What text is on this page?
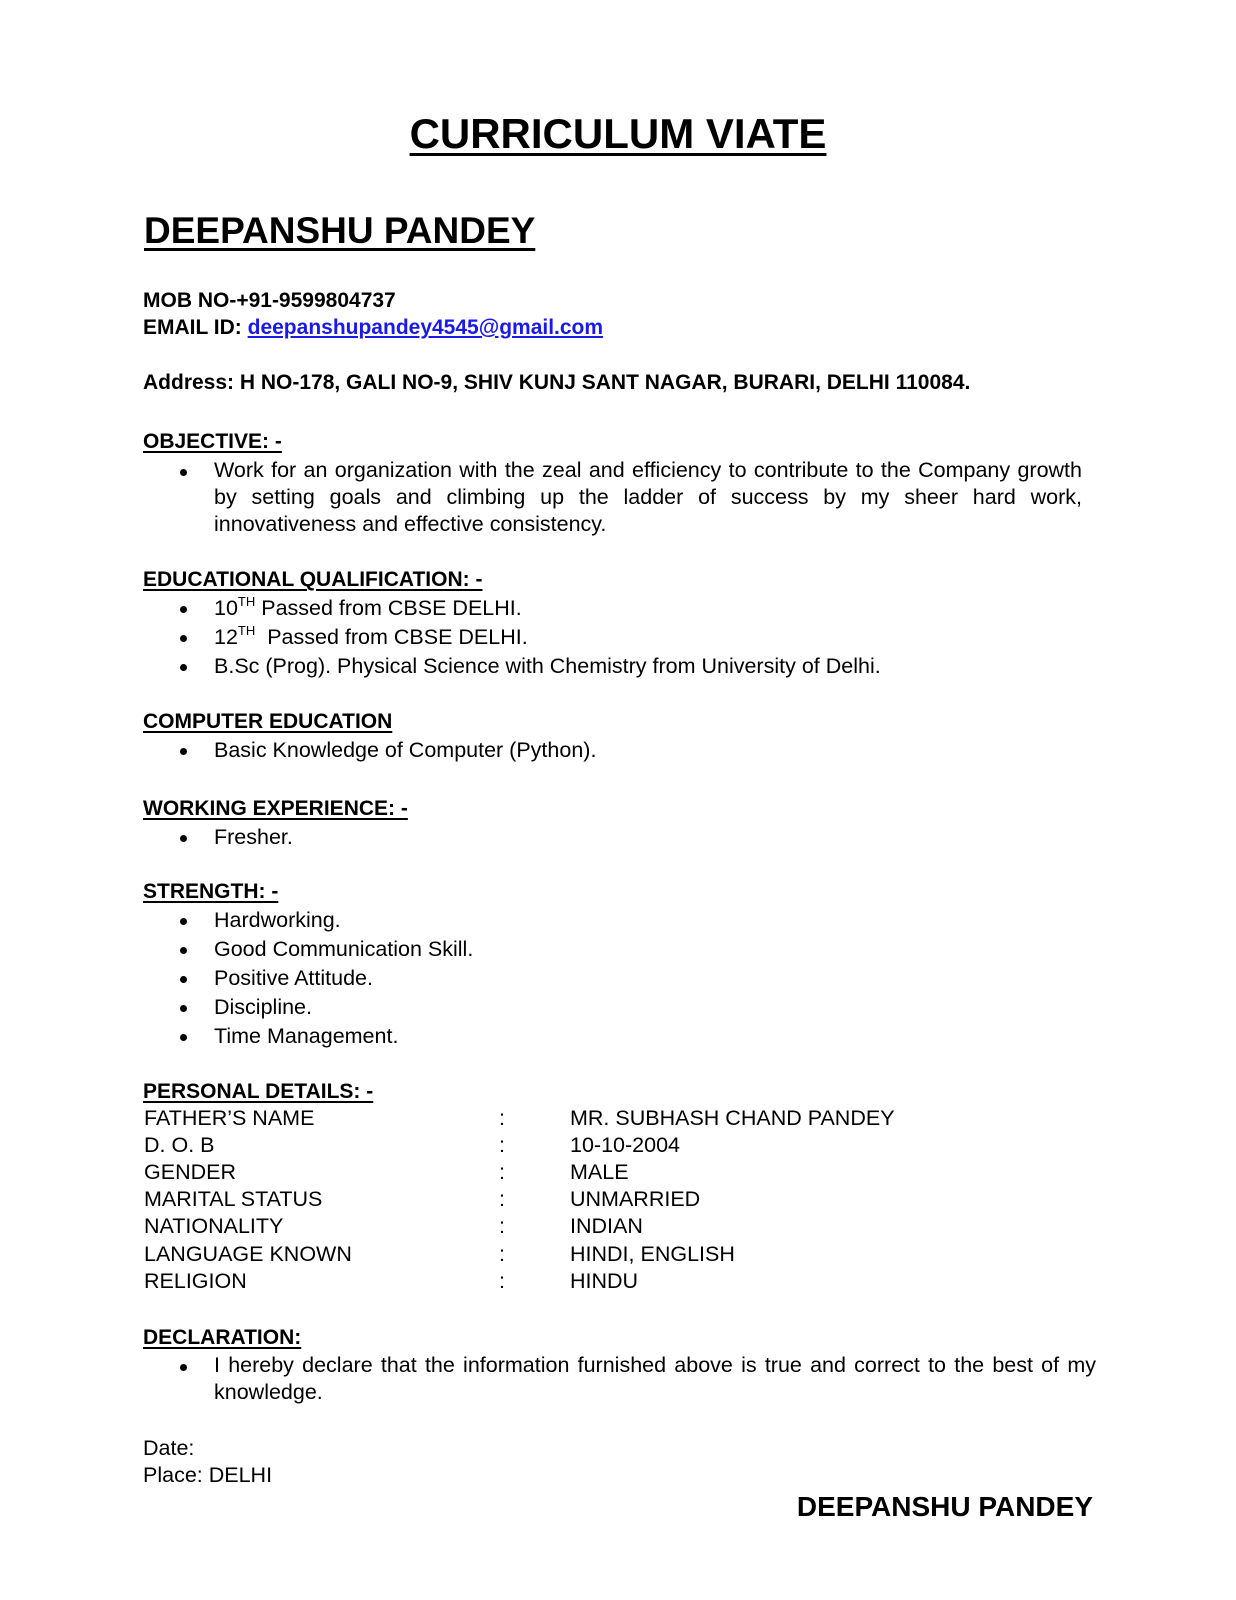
CURRICULUM VIATE
DEEPANSHU PANDEY
MOB NO-+91-9599804737
EMAIL ID: deepanshupandey4545@gmail.com
Address: H NO-178, GALI NO-9, SHIV KUNJ SANT NAGAR, BURARI, DELHI 110084.
OBJECTIVE: -
Work for an organization with the zeal and efficiency to contribute to the Company growth by setting goals and climbing up the ladder of success by my sheer hard work, innovativeness and effective consistency.
EDUCATIONAL QUALIFICATION: -
10TH Passed from CBSE DELHI.
12TH  Passed from CBSE DELHI.
B.Sc (Prog). Physical Science with Chemistry from University of Delhi.
COMPUTER EDUCATION
Basic Knowledge of Computer (Python).
WORKING EXPERIENCE: -
Fresher.
STRENGTH: -
Hardworking.
Good Communication Skill.
Positive Attitude.
Discipline.
Time Management.
PERSONAL DETAILS: -
FATHER’S NAME	:	MR. SUBHASH CHAND PANDEY
D. O. B	:	10-10-2004
GENDER	:	MALE
MARITAL STATUS	:	UNMARRIED
NATIONALITY	:	INDIAN
LANGUAGE KNOWN	:	HINDI, ENGLISH
RELIGION	:	HINDU
DECLARATION:
I hereby declare that the information furnished above is true and correct to the best of my knowledge.
Date:
Place: DELHI
DEEPANSHU PANDEY
